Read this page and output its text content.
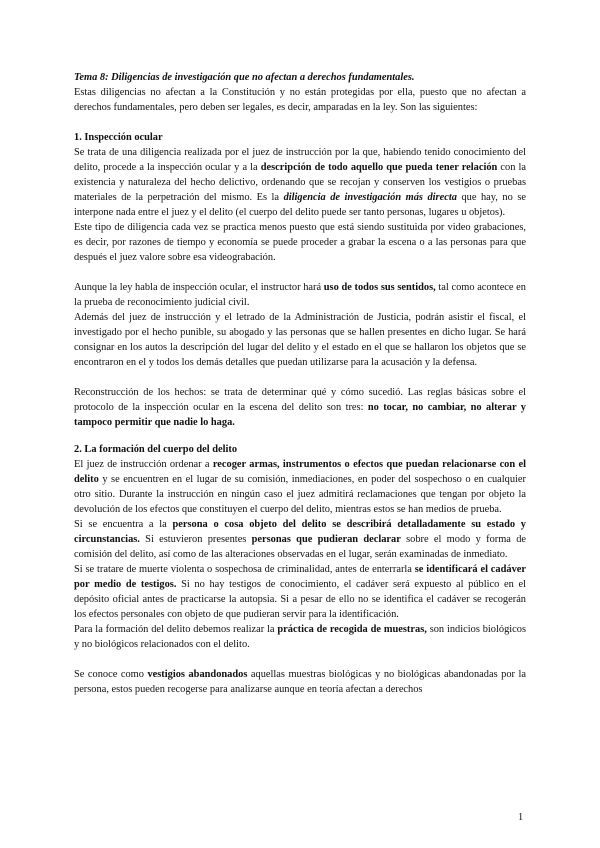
Tema 8: Diligencias de investigación que no afectan a derechos fundamentales.

Estas diligencias no afectan a la Constitución y no están protegidas por ella, puesto que no afectan a derechos fundamentales, pero deben ser legales, es decir, amparadas en la ley. Son las siguientes:

1. Inspección ocular

Se trata de una diligencia realizada por el juez de instrucción por la que, habiendo tenido conocimiento del delito, procede a la inspección ocular y a la descripción de todo aquello que pueda tener relación con la existencia y naturaleza del hecho delictivo, ordenando que se recojan y conserven los vestigios o pruebas materiales de la perpetración del mismo. Es la diligencia de investigación más directa que hay, no se interpone nada entre el juez y el delito (el cuerpo del delito puede ser tanto personas, lugares u objetos).

Este tipo de diligencia cada vez se practica menos puesto que está siendo sustituida por video grabaciones, es decir, por razones de tiempo y economía se puede proceder a grabar la escena o a las personas para que después el juez valore sobre esa videograbación.

Aunque la ley habla de inspección ocular, el instructor hará uso de todos sus sentidos, tal como acontece en la prueba de reconocimiento judicial civil.

Además del juez de instrucción y el letrado de la Administración de Justicia, podrán asistir el fiscal, el investigado por el hecho punible, su abogado y las personas que se hallen presentes en dicho lugar. Se hará consignar en los autos la descripción del lugar del delito y el estado en el que se hallaron los objetos que se encontraron en el y todos los demás detalles que puedan utilizarse para la acusación y la defensa.

Reconstrucción de los hechos: se trata de determinar qué y cómo sucedió. Las reglas básicas sobre el protocolo de la inspección ocular en la escena del delito son tres: no tocar, no cambiar, no alterar y tampoco permitir que nadie lo haga.

2. La formación del cuerpo del delito

El juez de instrucción ordenar a recoger armas, instrumentos o efectos que puedan relacionarse con el delito y se encuentren en el lugar de su comisión, inmediaciones, en poder del sospechoso o en cualquier otro sitio. Durante la instrucción en ningún caso el juez admitirá reclamaciones que tengan por objeto la devolución de los efectos que constituyen el cuerpo del delito, mientras estos se han medios de prueba.

Si se encuentra a la persona o cosa objeto del delito se describirá detalladamente su estado y circunstancias. Si estuvieron presentes personas que pudieran declarar sobre el modo y forma de comisión del delito, así como de las alteraciones observadas en el lugar, serán examinadas de inmediato.

Si se tratare de muerte violenta o sospechosa de criminalidad, antes de enterrarla se identificará el cadáver por medio de testigos. Si no hay testigos de conocimiento, el cadáver será expuesto al público en el depósito oficial antes de practicarse la autopsia. Si a pesar de ello no se identifica el cadáver se recogerán los efectos personales con objeto de que pudieran servir para la identificación.

Para la formación del delito debemos realizar la práctica de recogida de muestras, son indicios biológicos y no biológicos relacionados con el delito.

Se conoce como vestigios abandonados aquellas muestras biológicas y no biológicas abandonadas por la persona, estos pueden recogerse para analizarse aunque en teoría afectan a derechos

1
